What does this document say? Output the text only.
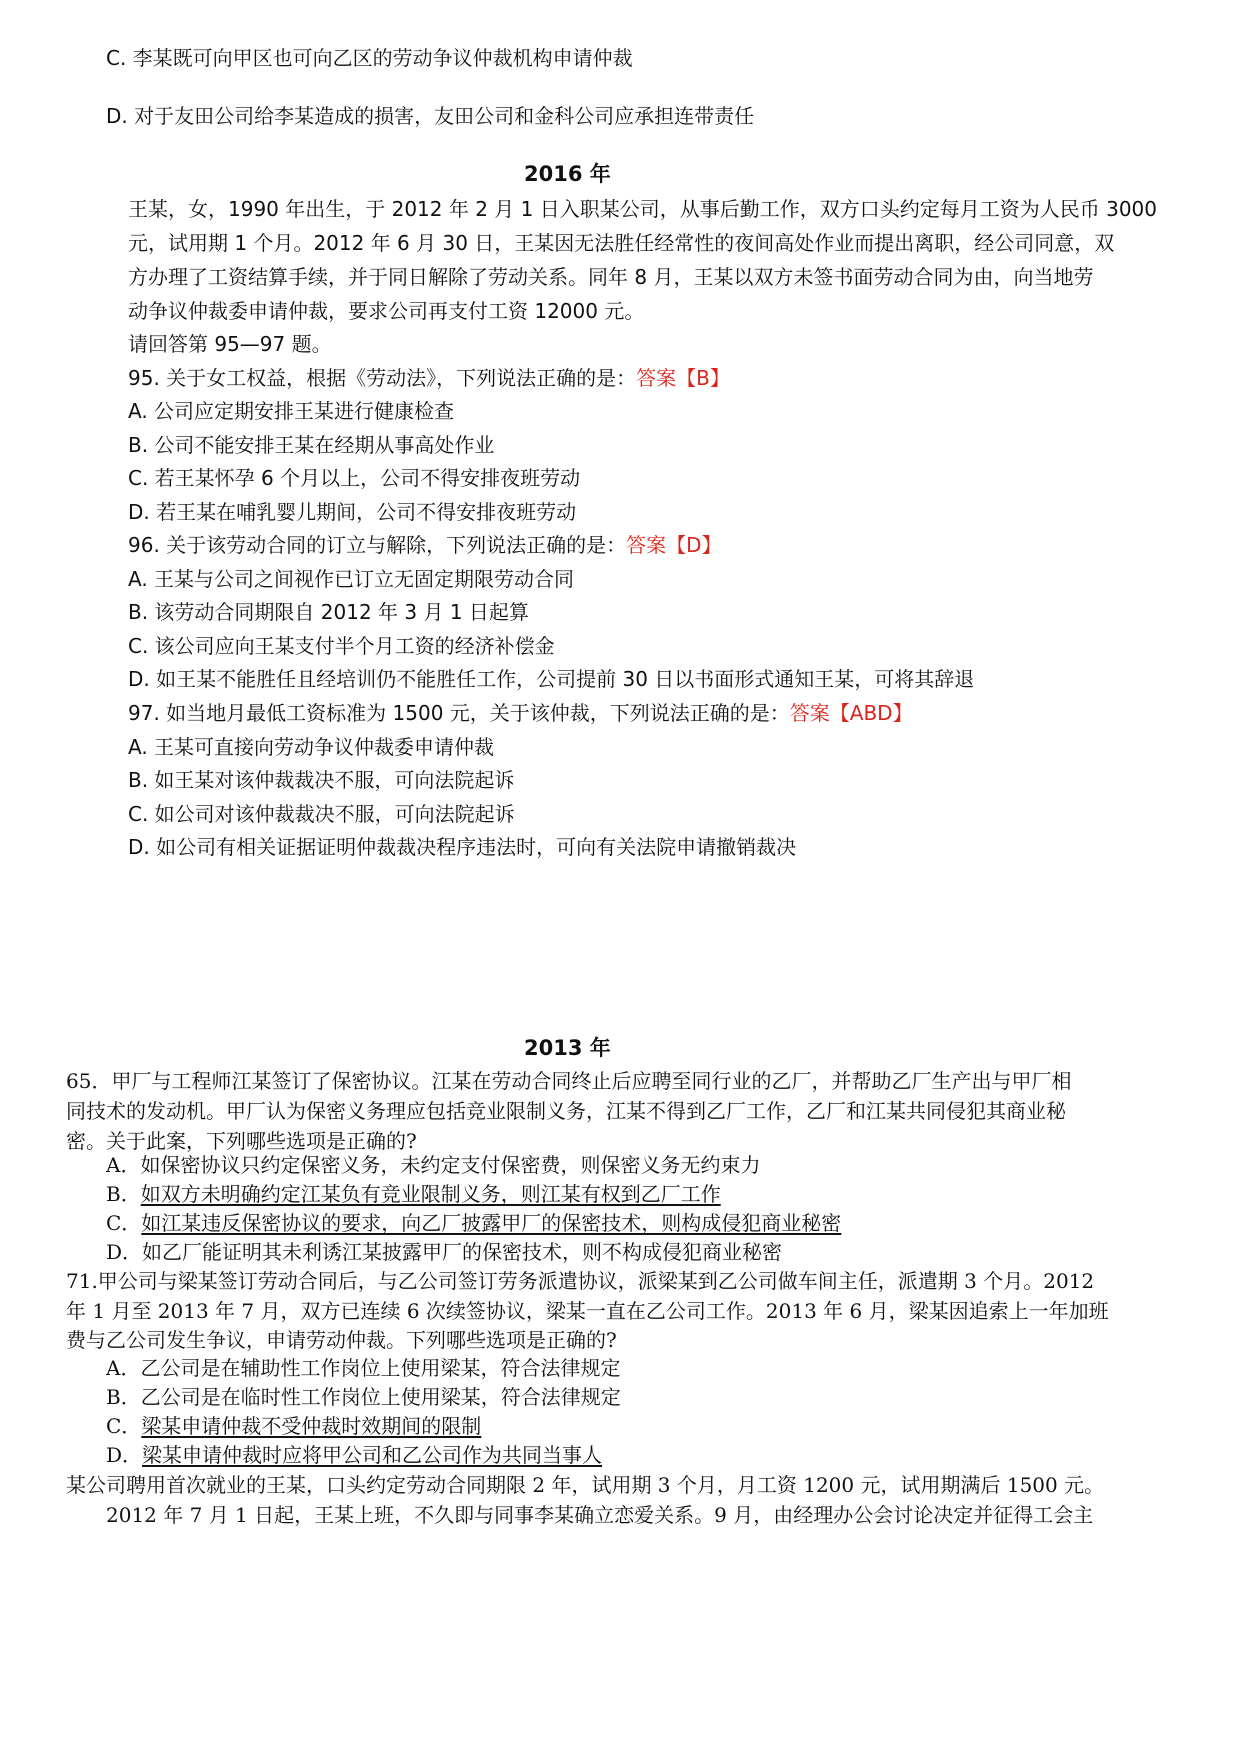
C. 李某既可向甲区也可向乙区的劳动争议仲裁机构申请仲裁
D. 对于友田公司给李某造成的损害，友田公司和金科公司应承担连带责任
2016 年
王某，女，1990 年出生，于 2012 年 2 月 1 日入职某公司，从事后勤工作，双方口头约定每月工资为人民币 3000
元，试用期 1 个月。2012 年 6 月 30 日，王某因无法胜任经常性的夜间高处作业而提出离职，经公司同意，双
方办理了工资结算手续，并于同日解除了劳动关系。同年 8 月，王某以双方未签书面劳动合同为由，向当地劳
动争议仲裁委申请仲裁，要求公司再支付工资 12000 元。
请回答第 95—97 题。
95. 关于女工权益，根据《劳动法》，下列说法正确的是：答案【B】
A. 公司应定期安排王某进行健康检查
B. 公司不能安排王某在经期从事高处作业
C. 若王某怀孕 6 个月以上，公司不得安排夜班劳动
D. 若王某在哺乳婴儿期间，公司不得安排夜班劳动
96. 关于该劳动合同的订立与解除，下列说法正确的是：答案【D】
A. 王某与公司之间视作已订立无固定期限劳动合同
B. 该劳动合同期限自 2012 年 3 月 1 日起算
C. 该公司应向王某支付半个月工资的经济补偿金
D. 如王某不能胜任且经培训仍不能胜任工作，公司提前 30 日以书面形式通知王某，可将其辞退
97. 如当地月最低工资标准为 1500 元，关于该仲裁，下列说法正确的是：答案【ABD】
A. 王某可直接向劳动争议仲裁委申请仲裁
B. 如王某对该仲裁裁决不服，可向法院起诉
C. 如公司对该仲裁裁决不服，可向法院起诉
D. 如公司有相关证据证明仲裁裁决程序违法时，可向有关法院申请撤销裁决
2013 年
65．甲厂与工程师江某签订了保密协议。江某在劳动合同终止后应聘至同行业的乙厂，并帮助乙厂生产出与甲厂相
同技术的发动机。甲厂认为保密义务理应包括竞业限制义务，江某不得到乙厂工作，乙厂和江某共同侵犯其商业秘
密。关于此案，下列哪些选项是正确的?
A．如保密协议只约定保密义务，未约定支付保密费，则保密义务无约束力
B．如双方未明确约定江某负有竞业限制义务，则江某有权到乙厂工作
C．如江某违反保密协议的要求，向乙厂披露甲厂的保密技术，则构成侵犯商业秘密
D．如乙厂能证明其未利诱江某披露甲厂的保密技术，则不构成侵犯商业秘密
71.甲公司与梁某签订劳动合同后，与乙公司签订劳务派遣协议，派梁某到乙公司做车间主任，派遣期 3 个月。2012
年 1 月至 2013 年 7 月，双方已连续 6 次续签协议，梁某一直在乙公司工作。2013 年 6 月，梁某因追索上一年加班
费与乙公司发生争议，申请劳动仲裁。下列哪些选项是正确的?
A．乙公司是在辅助性工作岗位上使用梁某，符合法律规定
B．乙公司是在临时性工作岗位上使用梁某，符合法律规定
C．梁某申请仲裁不受仲裁时效期间的限制
D．梁某申请仲裁时应将甲公司和乙公司作为共同当事人
某公司聘用首次就业的王某，口头约定劳动合同期限 2 年，试用期 3 个月，月工资 1200 元，试用期满后 1500 元。
2012 年 7 月 1 日起，王某上班，不久即与同事李某确立恋爱关系。9 月，由经理办公会讨论决定并征得工会主
